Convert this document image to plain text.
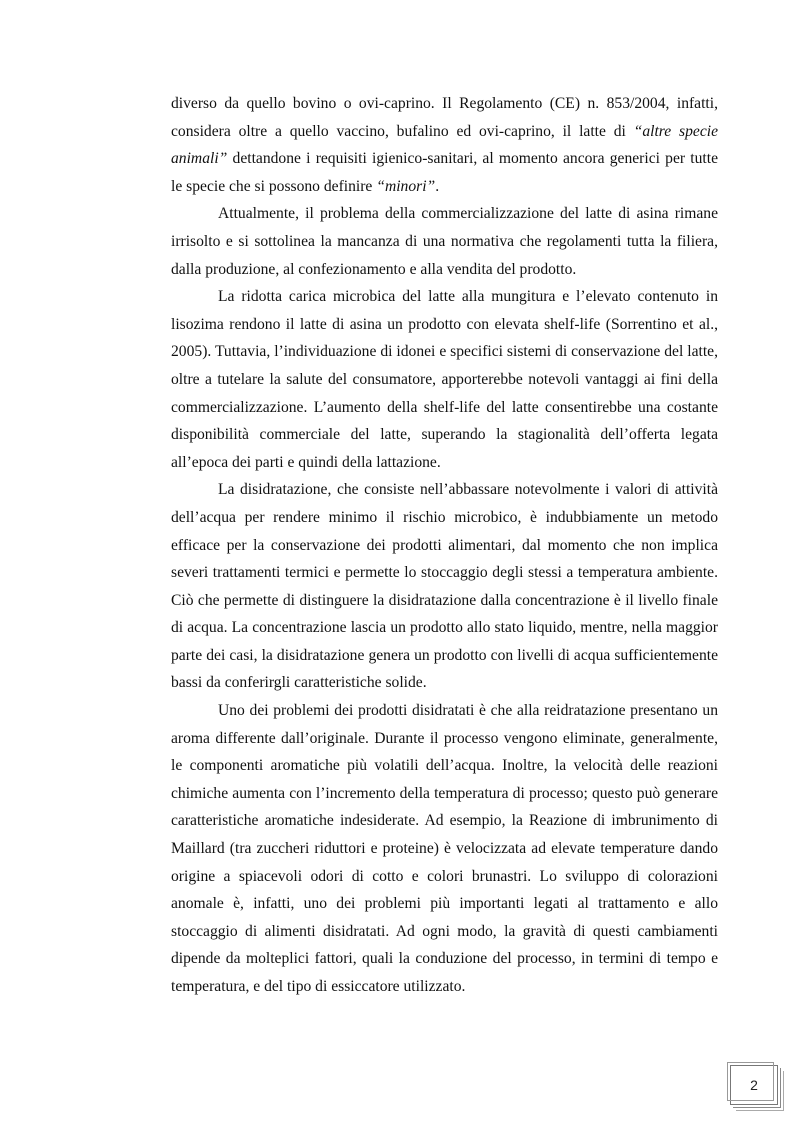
diverso da quello bovino o ovi-caprino. Il Regolamento (CE) n. 853/2004, infatti, considera oltre a quello vaccino, bufalino ed ovi-caprino, il latte di “altre specie animali” dettandone i requisiti igienico-sanitari, al momento ancora generici per tutte le specie che si possono definire “minori”.

Attualmente, il problema della commercializzazione del latte di asina rimane irrisolto e si sottolinea la mancanza di una normativa che regolamenti tutta la filiera, dalla produzione, al confezionamento e alla vendita del prodotto.

La ridotta carica microbica del latte alla mungitura e l’elevato contenuto in lisozima rendono il latte di asina un prodotto con elevata shelf-life (Sorrentino et al., 2005). Tuttavia, l’individuazione di idonei e specifici sistemi di conservazione del latte, oltre a tutelare la salute del consumatore, apporterebbe notevoli vantaggi ai fini della commercializzazione. L’aumento della shelf-life del latte consentirebbe una costante disponibilità commerciale del latte, superando la stagionalità dell’offerta legata all’epoca dei parti e quindi della lattazione.

La disidratazione, che consiste nell’abbassare notevolmente i valori di attività dell’acqua per rendere minimo il rischio microbico, è indubbiamente un metodo efficace per la conservazione dei prodotti alimentari, dal momento che non implica severi trattamenti termici e permette lo stoccaggio degli stessi a temperatura ambiente. Ciò che permette di distinguere la disidratazione dalla concentrazione è il livello finale di acqua. La concentrazione lascia un prodotto allo stato liquido, mentre, nella maggior parte dei casi, la disidratazione genera un prodotto con livelli di acqua sufficientemente bassi da conferirgli caratteristiche solide.

Uno dei problemi dei prodotti disidratati è che alla reidratazione presentano un aroma differente dall’originale. Durante il processo vengono eliminate, generalmente, le componenti aromatiche più volatili dell’acqua. Inoltre, la velocità delle reazioni chimiche aumenta con l’incremento della temperatura di processo; questo può generare caratteristiche aromatiche indesiderate. Ad esempio, la Reazione di imbrunimento di Maillard (tra zuccheri riduttori e proteine) è velocizzata ad elevate temperature dando origine a spiacevoli odori di cotto e colori brunastri. Lo sviluppo di colorazioni anomale è, infatti, uno dei problemi più importanti legati al trattamento e allo stoccaggio di alimenti disidratati. Ad ogni modo, la gravità di questi cambiamenti dipende da molteplici fattori, quali la conduzione del processo, in termini di tempo e temperatura, e del tipo di essiccatore utilizzato.

2
